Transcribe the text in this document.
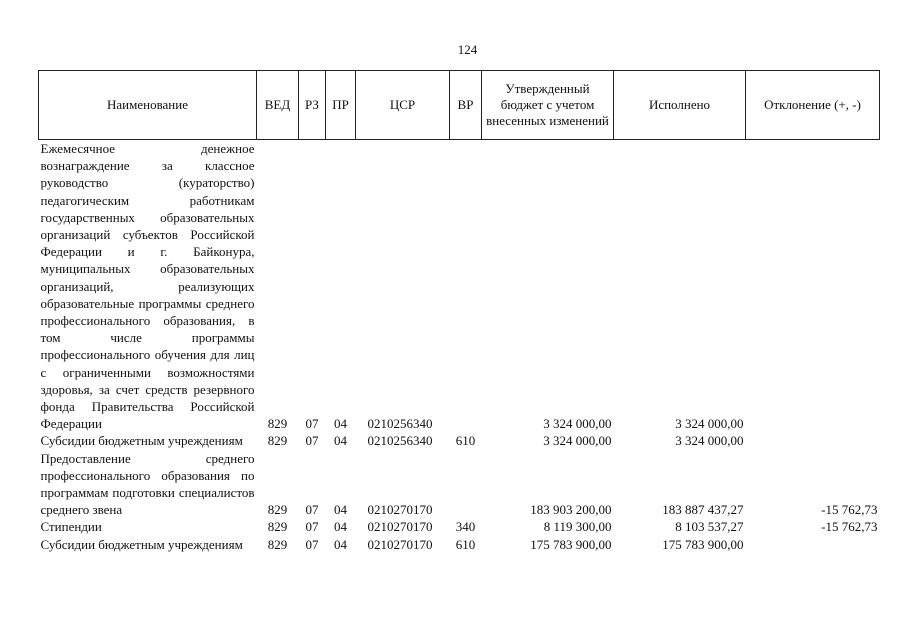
124
Наименование	ВЕД	РЗ	ПР	ЦСР	ВР	Утвержденный бюджет с учетом внесенных изменений	Исполнено	Отклонение (+, -)
Ежемесячное денежное вознаграждение за классное руководство (кураторство) педагогическим работникам государственных образовательных организаций субъектов Российской Федерации и г. Байконура, муниципальных образовательных организаций, реализующих образовательные программы среднего профессионального образования, в том числе программы профессионального обучения для лиц с ограниченными возможностями здоровья, за счет средств резервного фонда Правительства Российской Федерации	829	07	04	0210256340		3 324 000,00	3 324 000,00	
Субсидии бюджетным учреждениям	829	07	04	0210256340	610	3 324 000,00	3 324 000,00	
Предоставление среднего профессионального образования по программам подготовки специалистов среднего звена	829	07	04	0210270170		183 903 200,00	183 887 437,27	-15 762,73
Стипендии	829	07	04	0210270170	340	8 119 300,00	8 103 537,27	-15 762,73
Субсидии бюджетным учреждениям	829	07	04	0210270170	610	175 783 900,00	175 783 900,00	
